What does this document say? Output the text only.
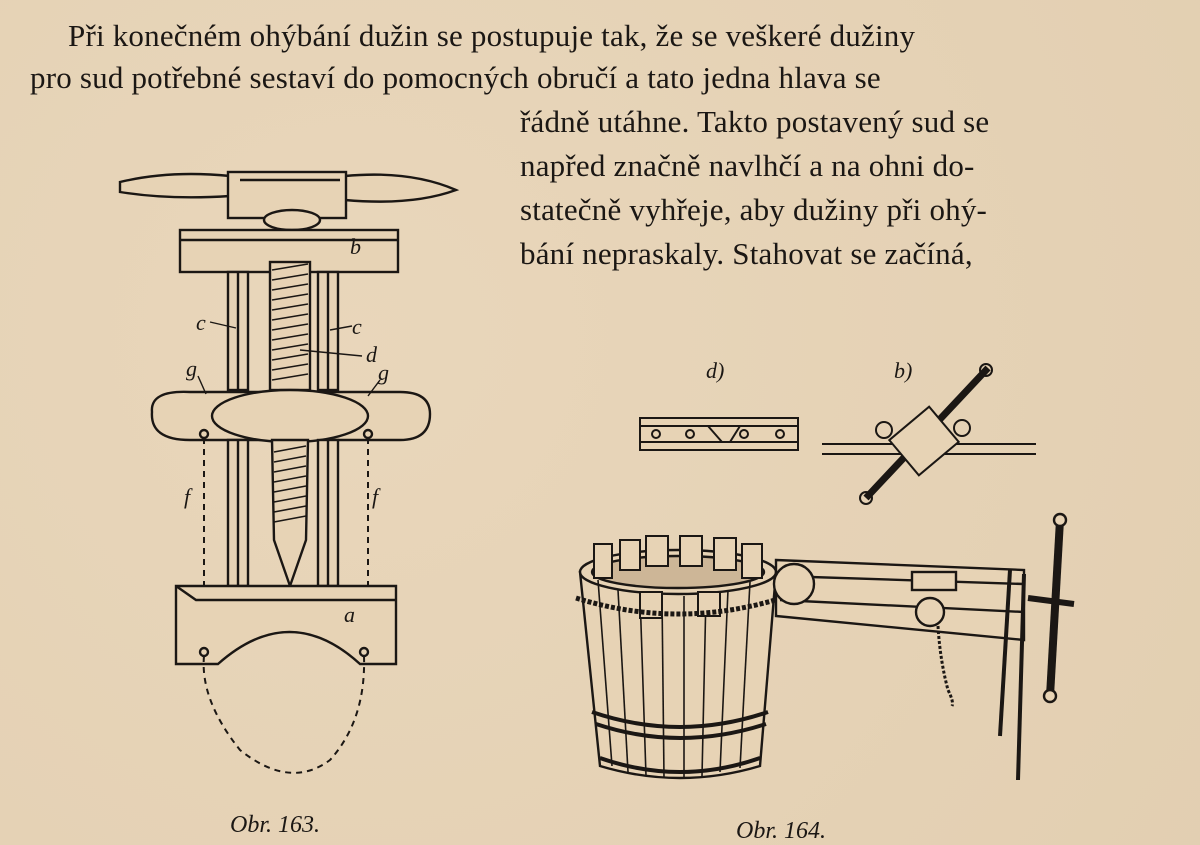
Při konečném ohýbání dužin se postupuje tak, že se veškeré dužiny
pro sud potřebné sestaví do pomocných obručí a tato jedna hlava se
řádně utáhne. Takto postavený sud se
napřed značně navlhčí a na ohni do-
statečně vyhřeje, aby dužiny při ohý-
bání nepraskaly. Stahovat se začíná,
b
c	c
d
g	g
f	f
a
d)	b)
Obr. 163.	Obr. 164.
